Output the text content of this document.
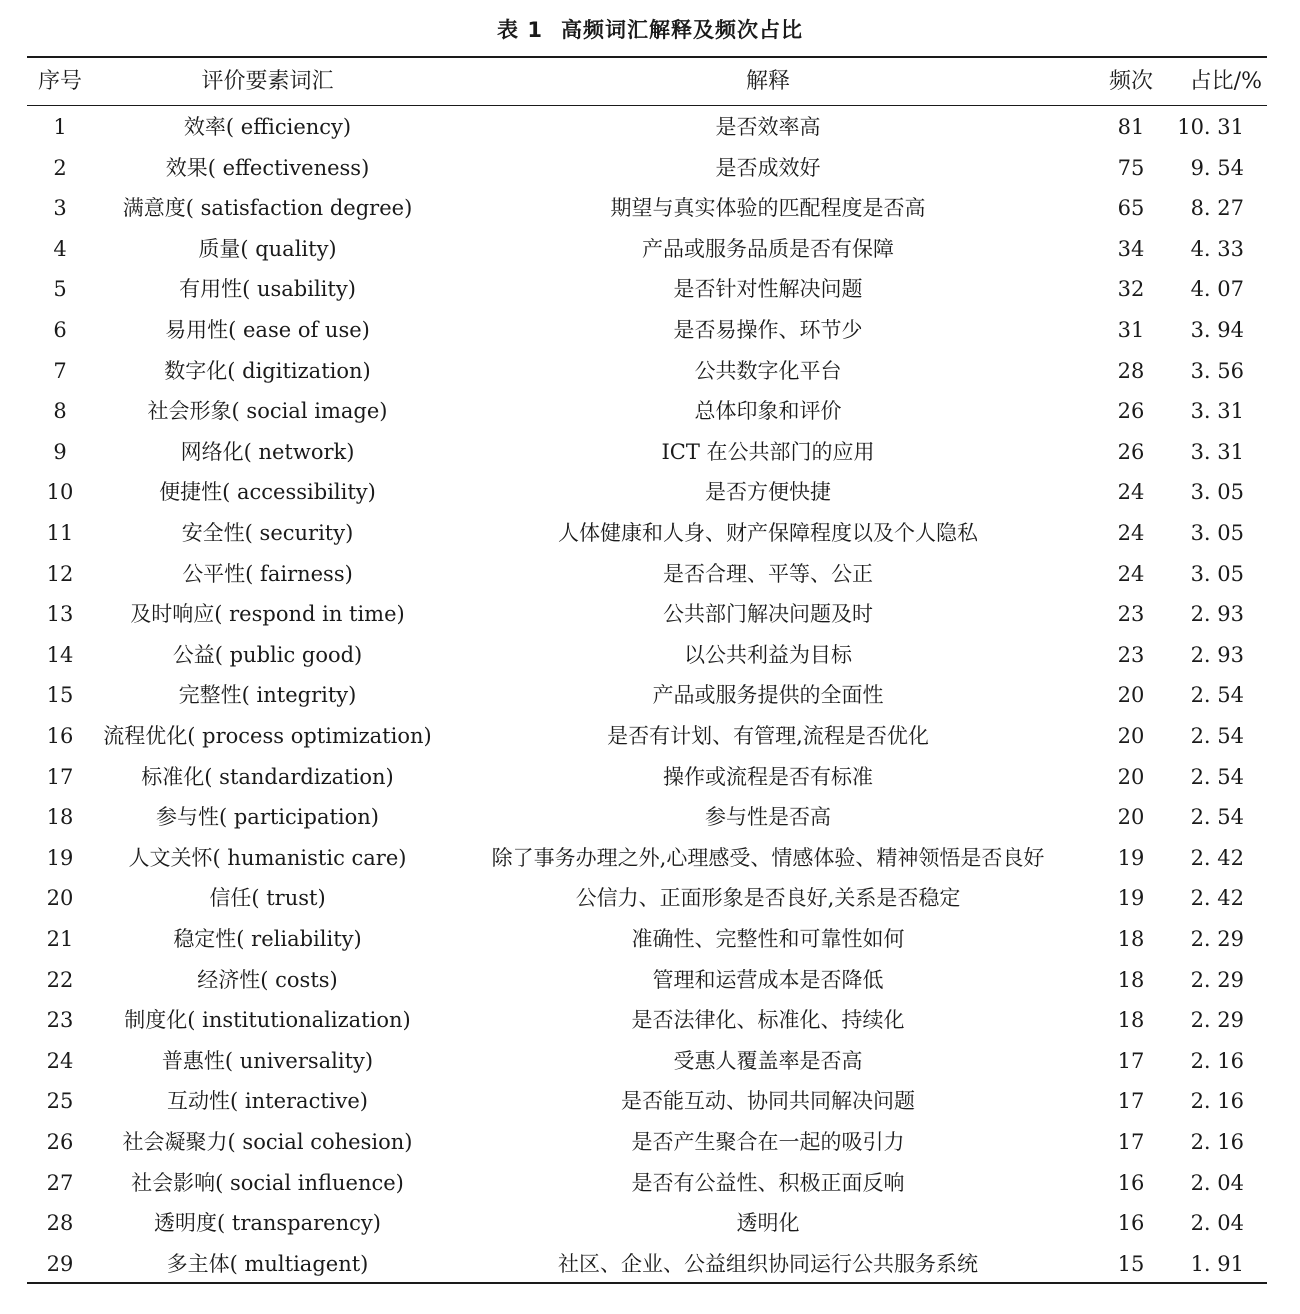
表 1 高频词汇解释及频次占比
序号	评价要素词汇	解释	频次	占比/%
1	效率( efficiency)	是否效率高	81	10. 31
2	效果( effectiveness)	是否成效好	75	9. 54
3	满意度( satisfaction degree)	期望与真实体验的匹配程度是否高	65	8. 27
4	质量( quality)	产品或服务品质是否有保障	34	4. 33
5	有用性( usability)	是否针对性解决问题	32	4. 07
6	易用性( ease of use)	是否易操作、环节少	31	3. 94
7	数字化( digitization)	公共数字化平台	28	3. 56
8	社会形象( social image)	总体印象和评价	26	3. 31
9	网络化( network)	ICT 在公共部门的应用	26	3. 31
10	便捷性( accessibility)	是否方便快捷	24	3. 05
11	安全性( security)	人体健康和人身、财产保障程度以及个人隐私	24	3. 05
12	公平性( fairness)	是否合理、平等、公正	24	3. 05
13	及时响应( respond in time)	公共部门解决问题及时	23	2. 93
14	公益( public good)	以公共利益为目标	23	2. 93
15	完整性( integrity)	产品或服务提供的全面性	20	2. 54
16	流程优化( process optimization)	是否有计划、有管理,流程是否优化	20	2. 54
17	标准化( standardization)	操作或流程是否有标准	20	2. 54
18	参与性( participation)	参与性是否高	20	2. 54
19	人文关怀( humanistic care)	除了事务办理之外,心理感受、情感体验、精神领悟是否良好	19	2. 42
20	信任( trust)	公信力、正面形象是否良好,关系是否稳定	19	2. 42
21	稳定性( reliability)	准确性、完整性和可靠性如何	18	2. 29
22	经济性( costs)	管理和运营成本是否降低	18	2. 29
23	制度化( institutionalization)	是否法律化、标准化、持续化	18	2. 29
24	普惠性( universality)	受惠人覆盖率是否高	17	2. 16
25	互动性( interactive)	是否能互动、协同共同解决问题	17	2. 16
26	社会凝聚力( social cohesion)	是否产生聚合在一起的吸引力	17	2. 16
27	社会影响( social influence)	是否有公益性、积极正面反响	16	2. 04
28	透明度( transparency)	透明化	16	2. 04
29	多主体( multiagent)	社区、企业、公益组织协同运行公共服务系统	15	1. 91
